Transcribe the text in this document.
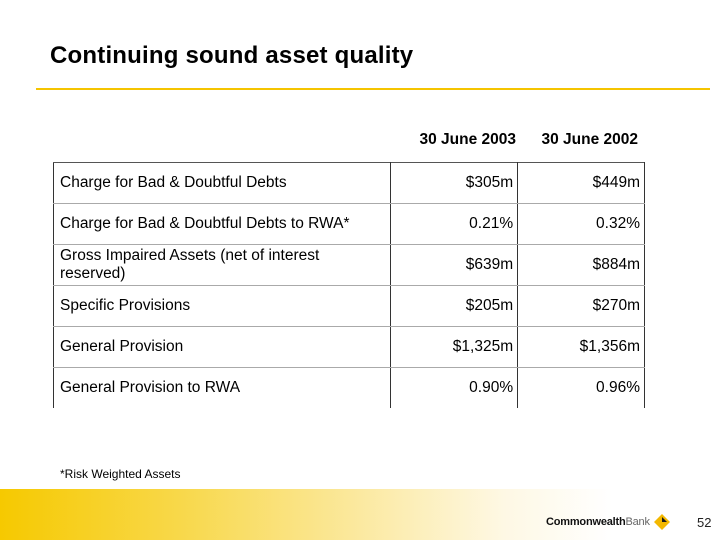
Continuing sound asset quality
30 June 2003	30 June 2002
Charge for Bad & Doubtful Debts	$305m	$449m
Charge for Bad & Doubtful Debts to RWA*	0.21%	0.32%
Gross Impaired Assets (net of interest
reserved)	$639m	$884m
Specific Provisions	$205m	$270m
General Provision	$1,325m	$1,356m
General Provision to RWA	0.90%	0.96%
*Risk Weighted Assets
CommonwealthBank	52
